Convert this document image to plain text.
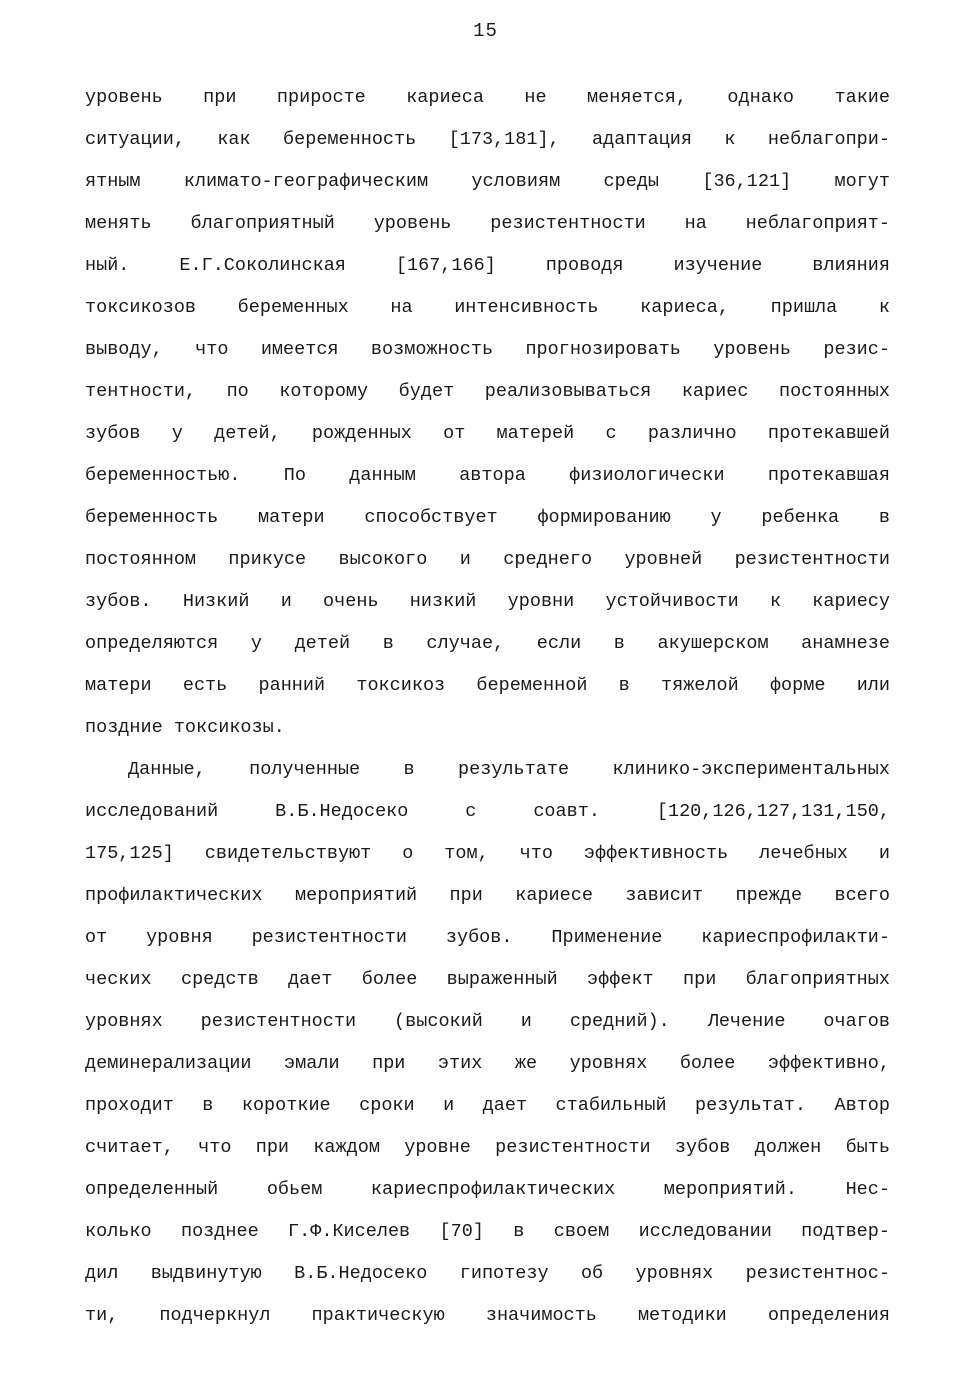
15
уровень при приросте кариеса не меняется, однако такие
ситуации, как беременность [173,181], адаптация к неблагопри-
ятным климато-географическим условиям среды [36,121] могут
менять благоприятный уровень резистентности на неблагоприят-
ный. Е.Г.Соколинская [167,166] проводя изучение влияния
токсикозов беременных на интенсивность кариеса, пришла к
выводу, что имеется возможность прогнозировать уровень резис-
тентности, по которому будет реализовываться кариес постоянных
зубов у детей, рожденных от матерей с различно протекавшей
беременностью. По данным автора физиологически протекавшая
беременность матери способствует формированию у ребенка в
постоянном прикусе высокого и среднего уровней резистентности
зубов. Низкий и очень низкий уровни устойчивости к кариесу
определяются у детей в случае, если в акушерском анамнезе
матери есть ранний токсикоз беременной в тяжелой форме или
поздние токсикозы.
Данные, полученные в результате клинико-экспериментальных
исследований В.Б.Недосеко с соавт. [120,126,127,131,150,
175,125] свидетельствуют о том, что эффективность лечебных и
профилактических мероприятий при кариесе зависит прежде всего
от уровня резистентности зубов. Применение кариеспрофилакти-
ческих средств дает более выраженный эффект при благоприятных
уровнях резистентности (высокий и средний). Лечение очагов
деминерализации эмали при этих же уровнях более эффективно,
проходит в короткие сроки и дает стабильный результат. Автор
считает, что при каждом уровне резистентности зубов должен быть
определенный обьем кариеспрофилактических мероприятий. Нес-
колько позднее Г.Ф.Киселев [70] в своем исследовании подтвер-
дил выдвинутую В.Б.Недосеко гипотезу об уровнях резистентнос-
ти, подчеркнул практическую значимость методики определения
